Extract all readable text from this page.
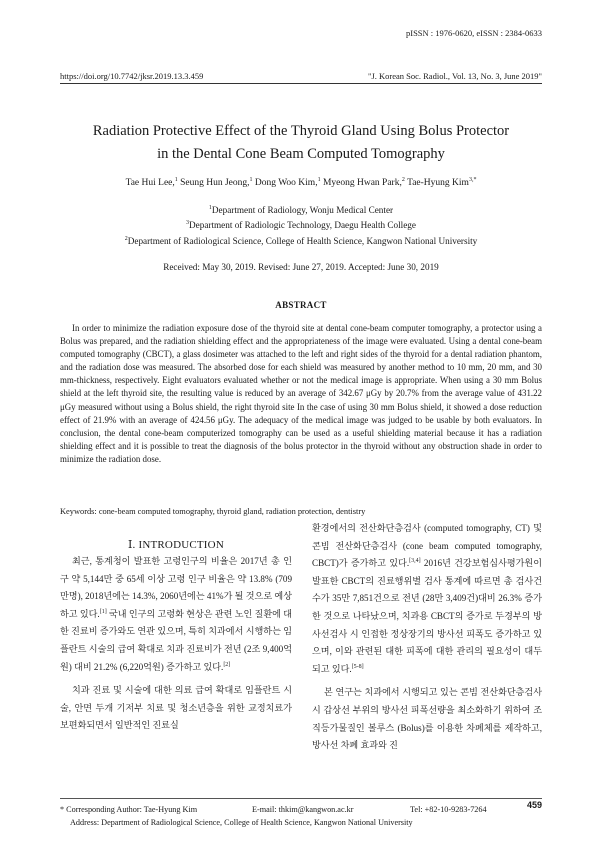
pISSN : 1976-0620, eISSN : 2384-0633
https://doi.org/10.7742/jksr.2019.13.3.459	"J. Korean Soc. Radiol., Vol. 13, No. 3, June 2019"
Radiation Protective Effect of the Thyroid Gland Using Bolus Protector
in the Dental Cone Beam Computed Tomography
Tae Hui Lee,$^1$ Seung Hun Jeong,$^1$ Dong Woo Kim,$^1$ Myeong Hwan Park,$^2$ Tae-Hyung Kim$^{3,*}$
$^1$Department of Radiology, Wonju Medical Center
$^3$Department of Radiologic Technology, Daegu Health College
$^2$Department of Radiological Science, College of Health Science, Kangwon National University
Received: May 30, 2019. Revised: June 27, 2019. Accepted: June 30, 2019
ABSTRACT
In order to minimize the radiation exposure dose of the thyroid site at dental cone-beam computer tomography, a protector using a Bolus was prepared, and the radiation shielding effect and the appropriateness of the image were evaluated. Using a dental cone-beam computed tomography (CBCT), a glass dosimeter was attached to the left and right sides of the thyroid for a dental radiation phantom, and the radiation dose was measured. The absorbed dose for each shield was measured by another method to 10 mm, 20 mm, and 30 mm-thickness, respectively. Eight evaluators evaluated whether or not the medical image is appropriate. When using a 30 mm Bolus shield at the left thyroid site, the resulting value is reduced by an average of 342.67 μGy by 20.7% from the average value of 431.22 μGy measured without using a Bolus shield, the right thyroid site In the case of using 30 mm Bolus shield, it showed a dose reduction effect of 21.9% with an average of 424.56 μGy. The adequacy of the medical image was judged to be usable by both evaluators. In conclusion, the dental cone-beam computerized tomography can be used as a useful shielding material because it has a radiation shielding effect and it is possible to treat the diagnosis of the bolus protector in the thyroid without any obstruction shade in order to minimize the radiation dose.
Keywords: cone-beam computed tomography, thyroid gland, radiation protection, dentistry
Ⅰ. INTRODUCTION

최근, 통계청이 발표한 고령인구의 비율은 2017년 총 인구 약 5,144만 중 65세 이상 고령 인구 비율은 약 13.8% (709만명), 2018년에는 14.3%, 2060년에는 41%가 될 것으로 예상하고 있다.[1] 국내 인구의 고령화 현상은 관련 노인 질환에 대한 진료비 증가와도 연관 있으며, 특히 치과에서 시행하는 임플란트 시술의 급여 확대로 치과 진료비가 전년 (2조 9,400억원) 대비 21.2% (6,220억원) 증가하고 있다.[2]

치과 진료 및 시술에 대한 의료 급여 확대로 임플란트 시술, 안면 두개 기저부 치료 및 청소년층을 위한 교정치료가 보편화되면서 일반적인 진료실

환경에서의 전산화단층검사 (computed tomography, CT) 및 콘빔 전산화단층검사 (cone beam computed tomography, CBCT)가 증가하고 있다.[3,4] 2016년 건강보험심사평가원이 발표한 CBCT의 진료행위별 검사 통계에 따르면 총 검사건수가 35만 7,851건으로 전년 (28만 3,409건)대비 26.3% 증가한 것으로 나타났으며, 치과용 CBCT의 증가로 두경부의 방사선검사 시 인접한 정상장기의 방사선 피폭도 증가하고 있으며, 이와 관련된 대한 피폭에 대한 관리의 필요성이 대두되고 있다.[5-8]

본 연구는 치과에서 시행되고 있는 콘빔 전산화단층검사 시 갑상선 부위의 방사선 피폭선량을 최소화하기 위하여 조직등가물질인 볼루스 (Bolus)를 이용한 차폐체를 제작하고, 방사선 차폐 효과와 진

* Corresponding Author: Tae-Hyung Kim	E-mail: thkim@kangwon.ac.kr	Tel: +82-10-9283-7264
Address: Department of Radiological Science, College of Health Science, Kangwon National University
459
